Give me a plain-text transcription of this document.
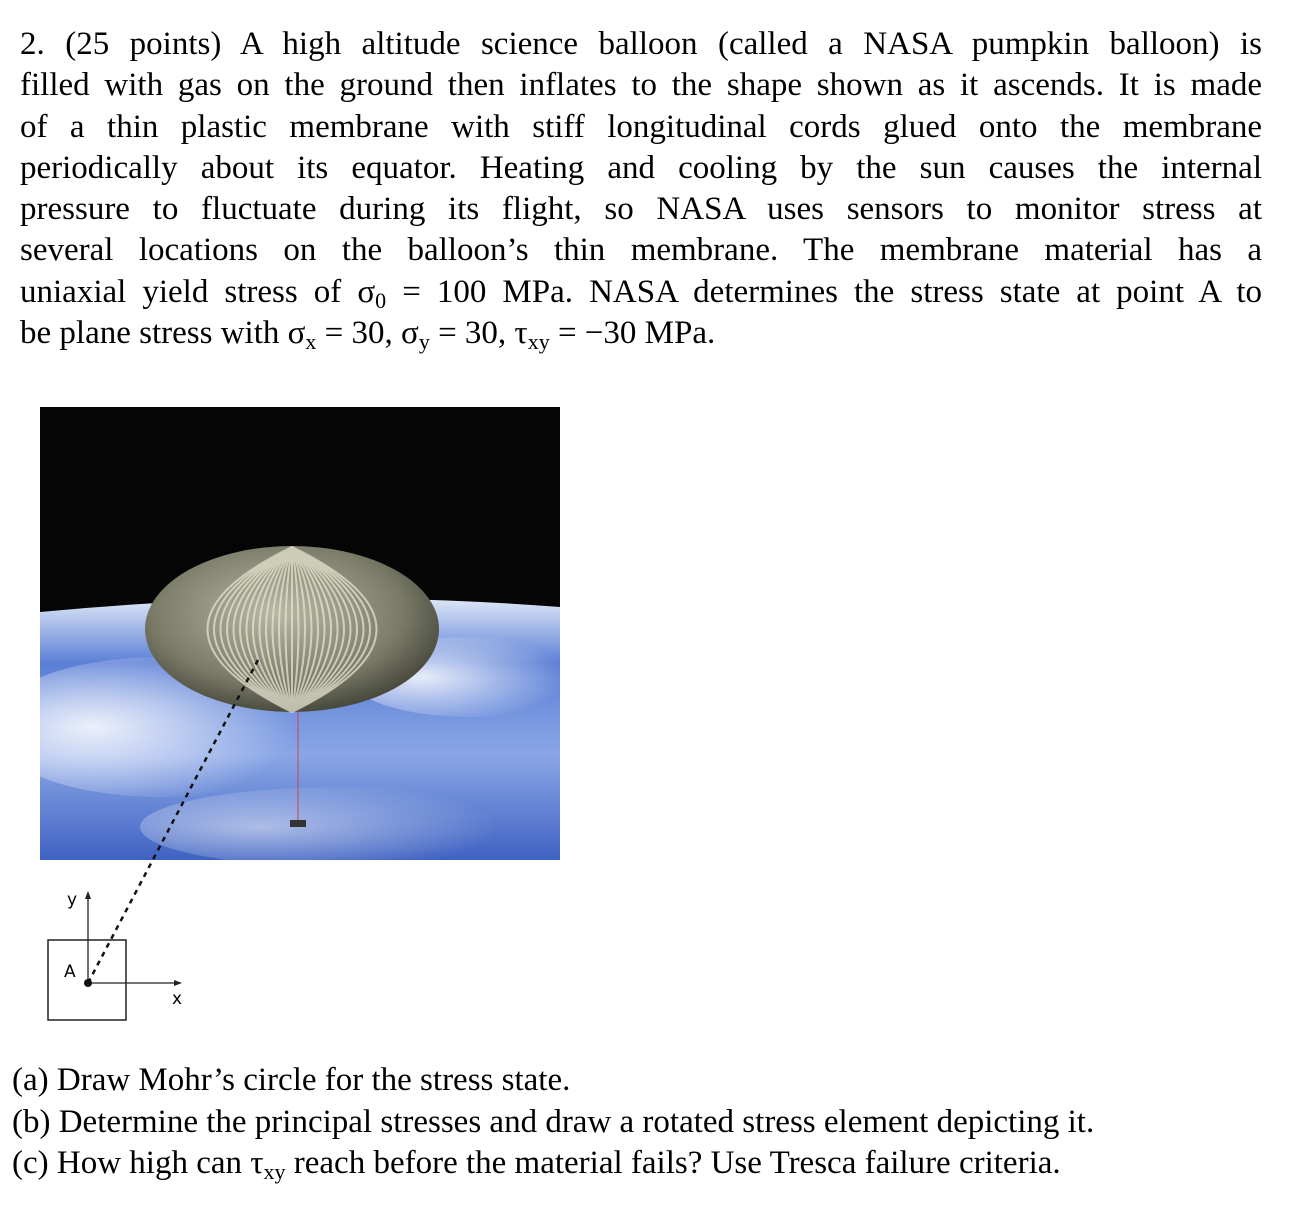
2. (25 points) A high altitude science balloon (called a NASA pumpkin balloon) is
filled with gas on the ground then inflates to the shape shown as it ascends. It is made
of a thin plastic membrane with stiff longitudinal cords glued onto the membrane
periodically about its equator. Heating and cooling by the sun causes the internal
pressure to fluctuate during its flight, so NASA uses sensors to monitor stress at
several locations on the balloon’s thin membrane. The membrane material has a
uniaxial yield stress of $\sigma_0 = 100$ MPa. NASA determines the stress state at point A to
be plane stress with $\sigma_x = 30$, $\sigma_y = 30$, $\tau_{xy} = -30$ MPa.
A
x
y
(a) Draw Mohr’s circle for the stress state.
(b) Determine the principal stresses and draw a rotated stress element depicting it.
(c) How high can $\tau_{xy}$ reach before the material fails? Use Tresca failure criteria.
